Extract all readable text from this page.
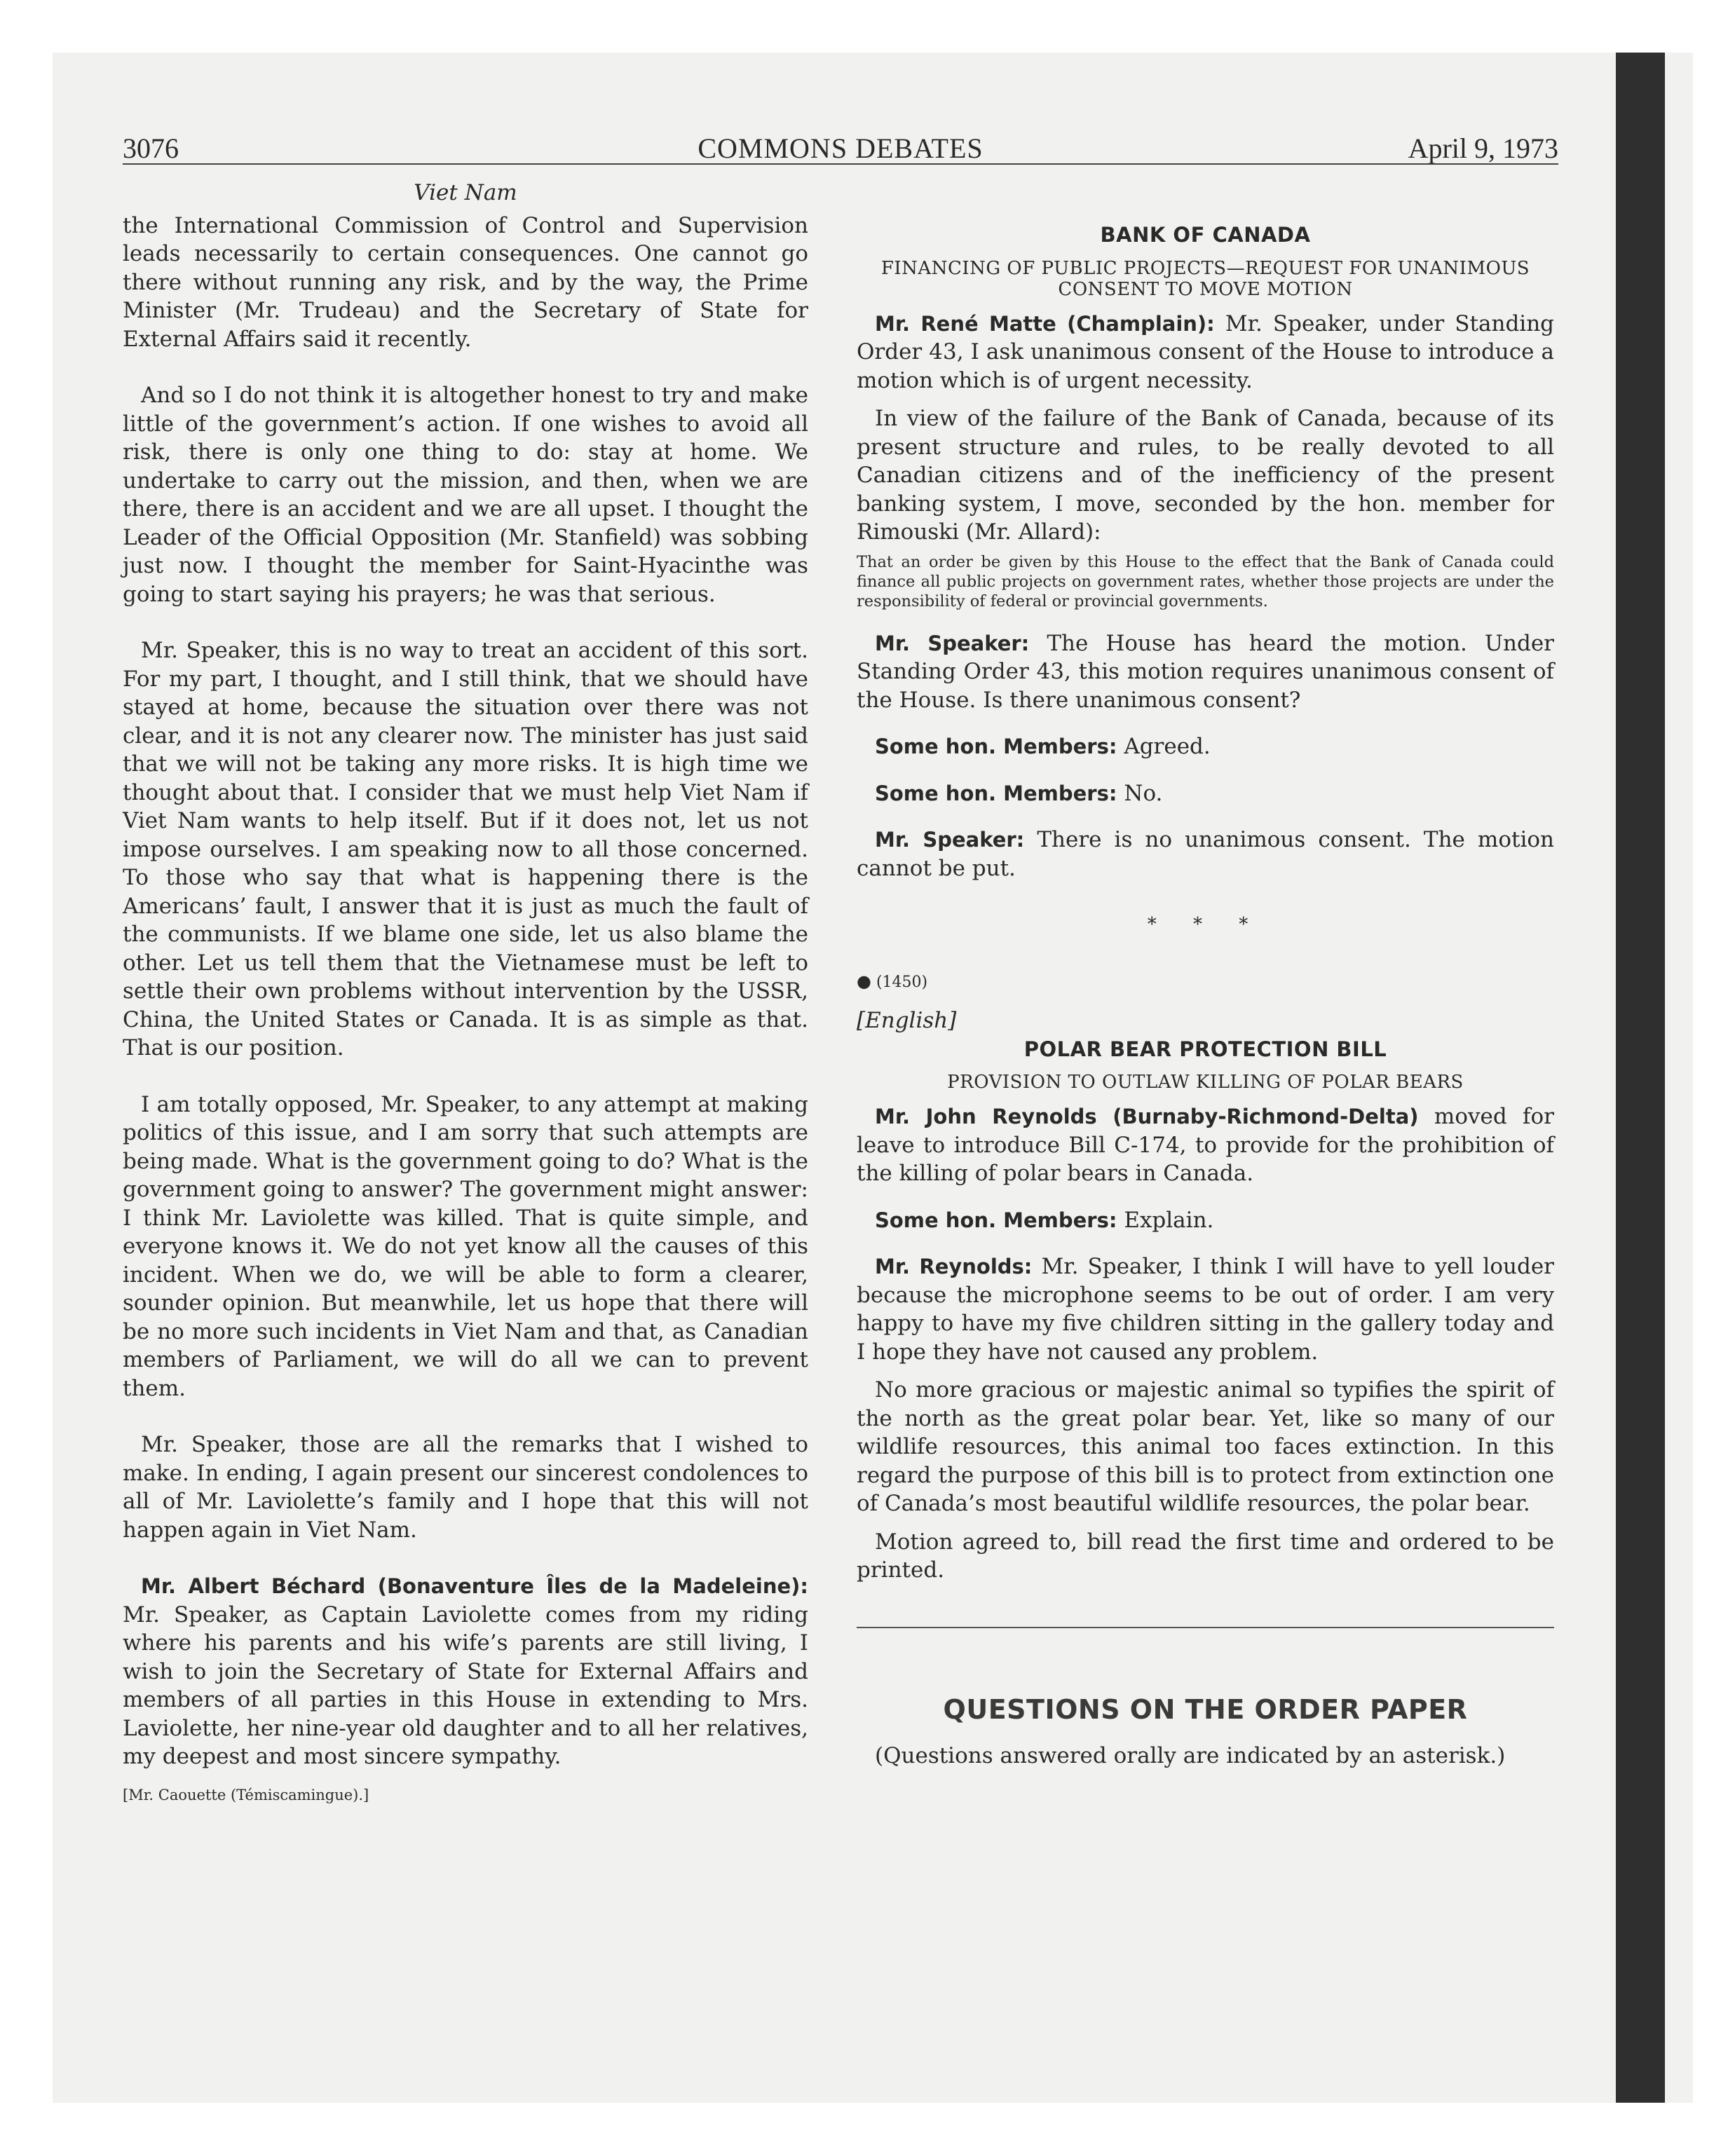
3076	COMMONS DEBATES	April 9, 1973

Viet Nam

the International Commission of Control and Supervision leads necessarily to certain consequences. One cannot go there without running any risk, and by the way, the Prime Minister (Mr. Trudeau) and the Secretary of State for External Affairs said it recently.

And so I do not think it is altogether honest to try and make little of the government’s action. If one wishes to avoid all risk, there is only one thing to do: stay at home. We undertake to carry out the mission, and then, when we are there, there is an accident and we are all upset. I thought the Leader of the Official Opposition (Mr. Stanfield) was sobbing just now. I thought the member for Saint-Hyacinthe was going to start saying his prayers; he was that serious.

Mr. Speaker, this is no way to treat an accident of this sort. For my part, I thought, and I still think, that we should have stayed at home, because the situation over there was not clear, and it is not any clearer now. The minister has just said that we will not be taking any more risks. It is high time we thought about that. I consider that we must help Viet Nam if Viet Nam wants to help itself. But if it does not, let us not impose ourselves. I am speaking now to all those concerned. To those who say that what is happening there is the Americans’ fault, I answer that it is just as much the fault of the communists. If we blame one side, let us also blame the other. Let us tell them that the Vietnamese must be left to settle their own problems without intervention by the USSR, China, the United States or Canada. It is as simple as that. That is our position.

I am totally opposed, Mr. Speaker, to any attempt at making politics of this issue, and I am sorry that such attempts are being made. What is the government going to do? What is the government going to answer? The government might answer: I think Mr. Laviolette was killed. That is quite simple, and everyone knows it. We do not yet know all the causes of this incident. When we do, we will be able to form a clearer, sounder opinion. But meanwhile, let us hope that there will be no more such incidents in Viet Nam and that, as Canadian members of Parliament, we will do all we can to prevent them.

Mr. Speaker, those are all the remarks that I wished to make. In ending, I again present our sincerest condolences to all of Mr. Laviolette’s family and I hope that this will not happen again in Viet Nam.

Mr. Albert Béchard (Bonaventure Îles de la Madeleine): Mr. Speaker, as Captain Laviolette comes from my riding where his parents and his wife’s parents are still living, I wish to join the Secretary of State for External Affairs and members of all parties in this House in extending to Mrs. Laviolette, her nine-year old daughter and to all her relatives, my deepest and most sincere sympathy.

[Mr. Caouette (Témiscamingue).]

BANK OF CANADA

FINANCING OF PUBLIC PROJECTS—REQUEST FOR UNANIMOUS CONSENT TO MOVE MOTION

Mr. René Matte (Champlain): Mr. Speaker, under Standing Order 43, I ask unanimous consent of the House to introduce a motion which is of urgent necessity.

In view of the failure of the Bank of Canada, because of its present structure and rules, to be really devoted to all Canadian citizens and of the inefficiency of the present banking system, I move, seconded by the hon. member for Rimouski (Mr. Allard):

That an order be given by this House to the effect that the Bank of Canada could finance all public projects on government rates, whether those projects are under the responsibility of federal or provincial governments.

Mr. Speaker: The House has heard the motion. Under Standing Order 43, this motion requires unanimous consent of the House. Is there unanimous consent?

Some hon. Members: Agreed.

Some hon. Members: No.

Mr. Speaker: There is no unanimous consent. The motion cannot be put.

* * *

● (1450)

[English]

POLAR BEAR PROTECTION BILL

PROVISION TO OUTLAW KILLING OF POLAR BEARS

Mr. John Reynolds (Burnaby-Richmond-Delta) moved for leave to introduce Bill C-174, to provide for the prohibition of the killing of polar bears in Canada.

Some hon. Members: Explain.

Mr. Reynolds: Mr. Speaker, I think I will have to yell louder because the microphone seems to be out of order. I am very happy to have my five children sitting in the gallery today and I hope they have not caused any problem.

No more gracious or majestic animal so typifies the spirit of the north as the great polar bear. Yet, like so many of our wildlife resources, this animal too faces extinction. In this regard the purpose of this bill is to protect from extinction one of Canada’s most beautiful wildlife resources, the polar bear.

Motion agreed to, bill read the first time and ordered to be printed.

QUESTIONS ON THE ORDER PAPER

(Questions answered orally are indicated by an asterisk.)
